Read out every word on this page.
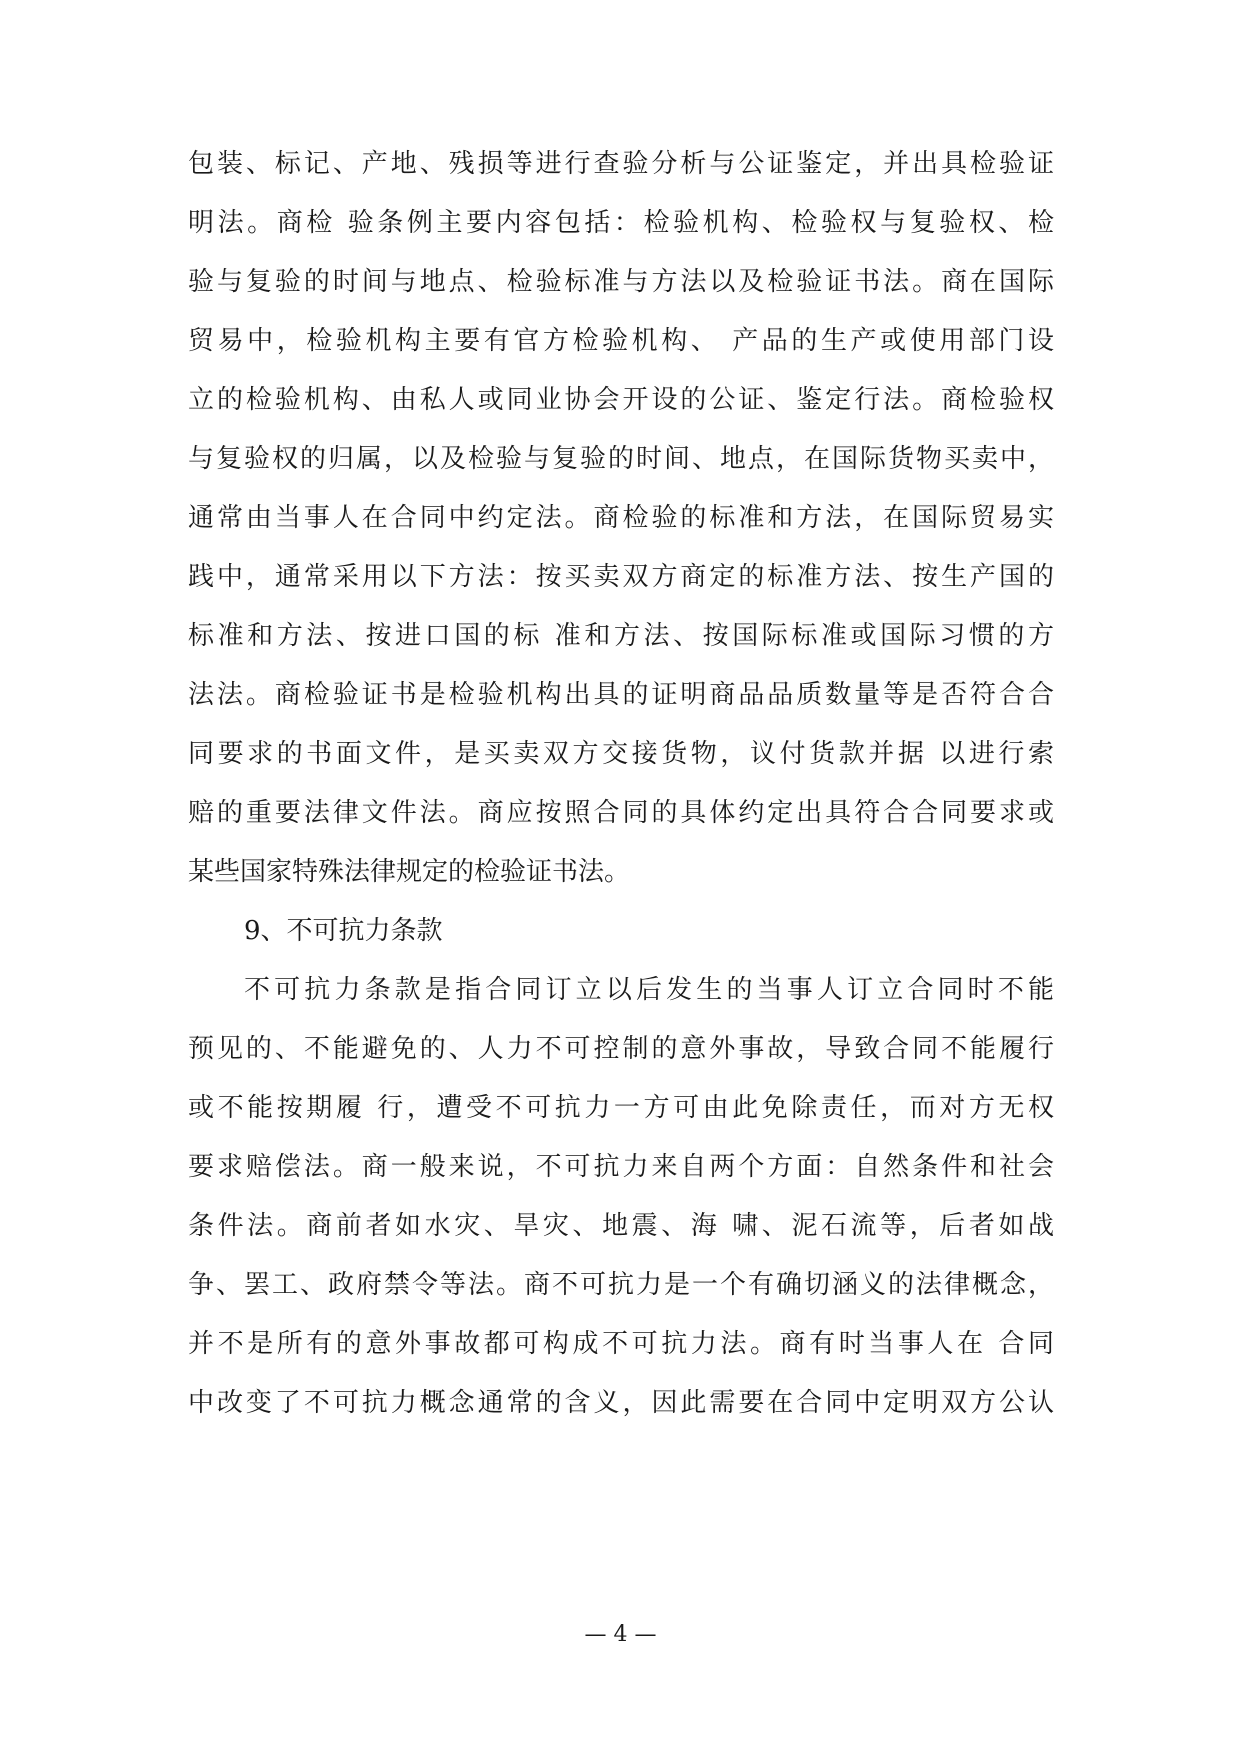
包装、标记、产地、残损等进行查验分析与公证鉴定，并出具检验证
明法。商检 验条例主要内容包括：检验机构、检验权与复验权、检
验与复验的时间与地点、检验标准与方法以及检验证书法。商在国际
贸易中，检验机构主要有官方检验机构、 产品的生产或使用部门设
立的检验机构、由私人或同业协会开设的公证、鉴定行法。商检验权
与复验权的归属，以及检验与复验的时间、地点，在国际货物买卖中，
通常由当事人在合同中约定法。商检验的标准和方法，在国际贸易实
践中，通常采用以下方法：按买卖双方商定的标准方法、按生产国的
标准和方法、按进口国的标 准和方法、按国际标准或国际习惯的方
法法。商检验证书是检验机构出具的证明商品品质数量等是否符合合
同要求的书面文件，是买卖双方交接货物，议付货款并据 以进行索
赔的重要法律文件法。商应按照合同的具体约定出具符合合同要求或
某些国家特殊法律规定的检验证书法。
9、不可抗力条款
不可抗力条款是指合同订立以后发生的当事人订立合同时不能
预见的、不能避免的、人力不可控制的意外事故，导致合同不能履行
或不能按期履 行，遭受不可抗力一方可由此免除责任，而对方无权
要求赔偿法。商一般来说，不可抗力来自两个方面：自然条件和社会
条件法。商前者如水灾、旱灾、地震、海 啸、泥石流等，后者如战
争、罢工、政府禁令等法。商不可抗力是一个有确切涵义的法律概念，
并不是所有的意外事故都可构成不可抗力法。商有时当事人在 合同
中改变了不可抗力概念通常的含义，因此需要在合同中定明双方公认
— 4 —
